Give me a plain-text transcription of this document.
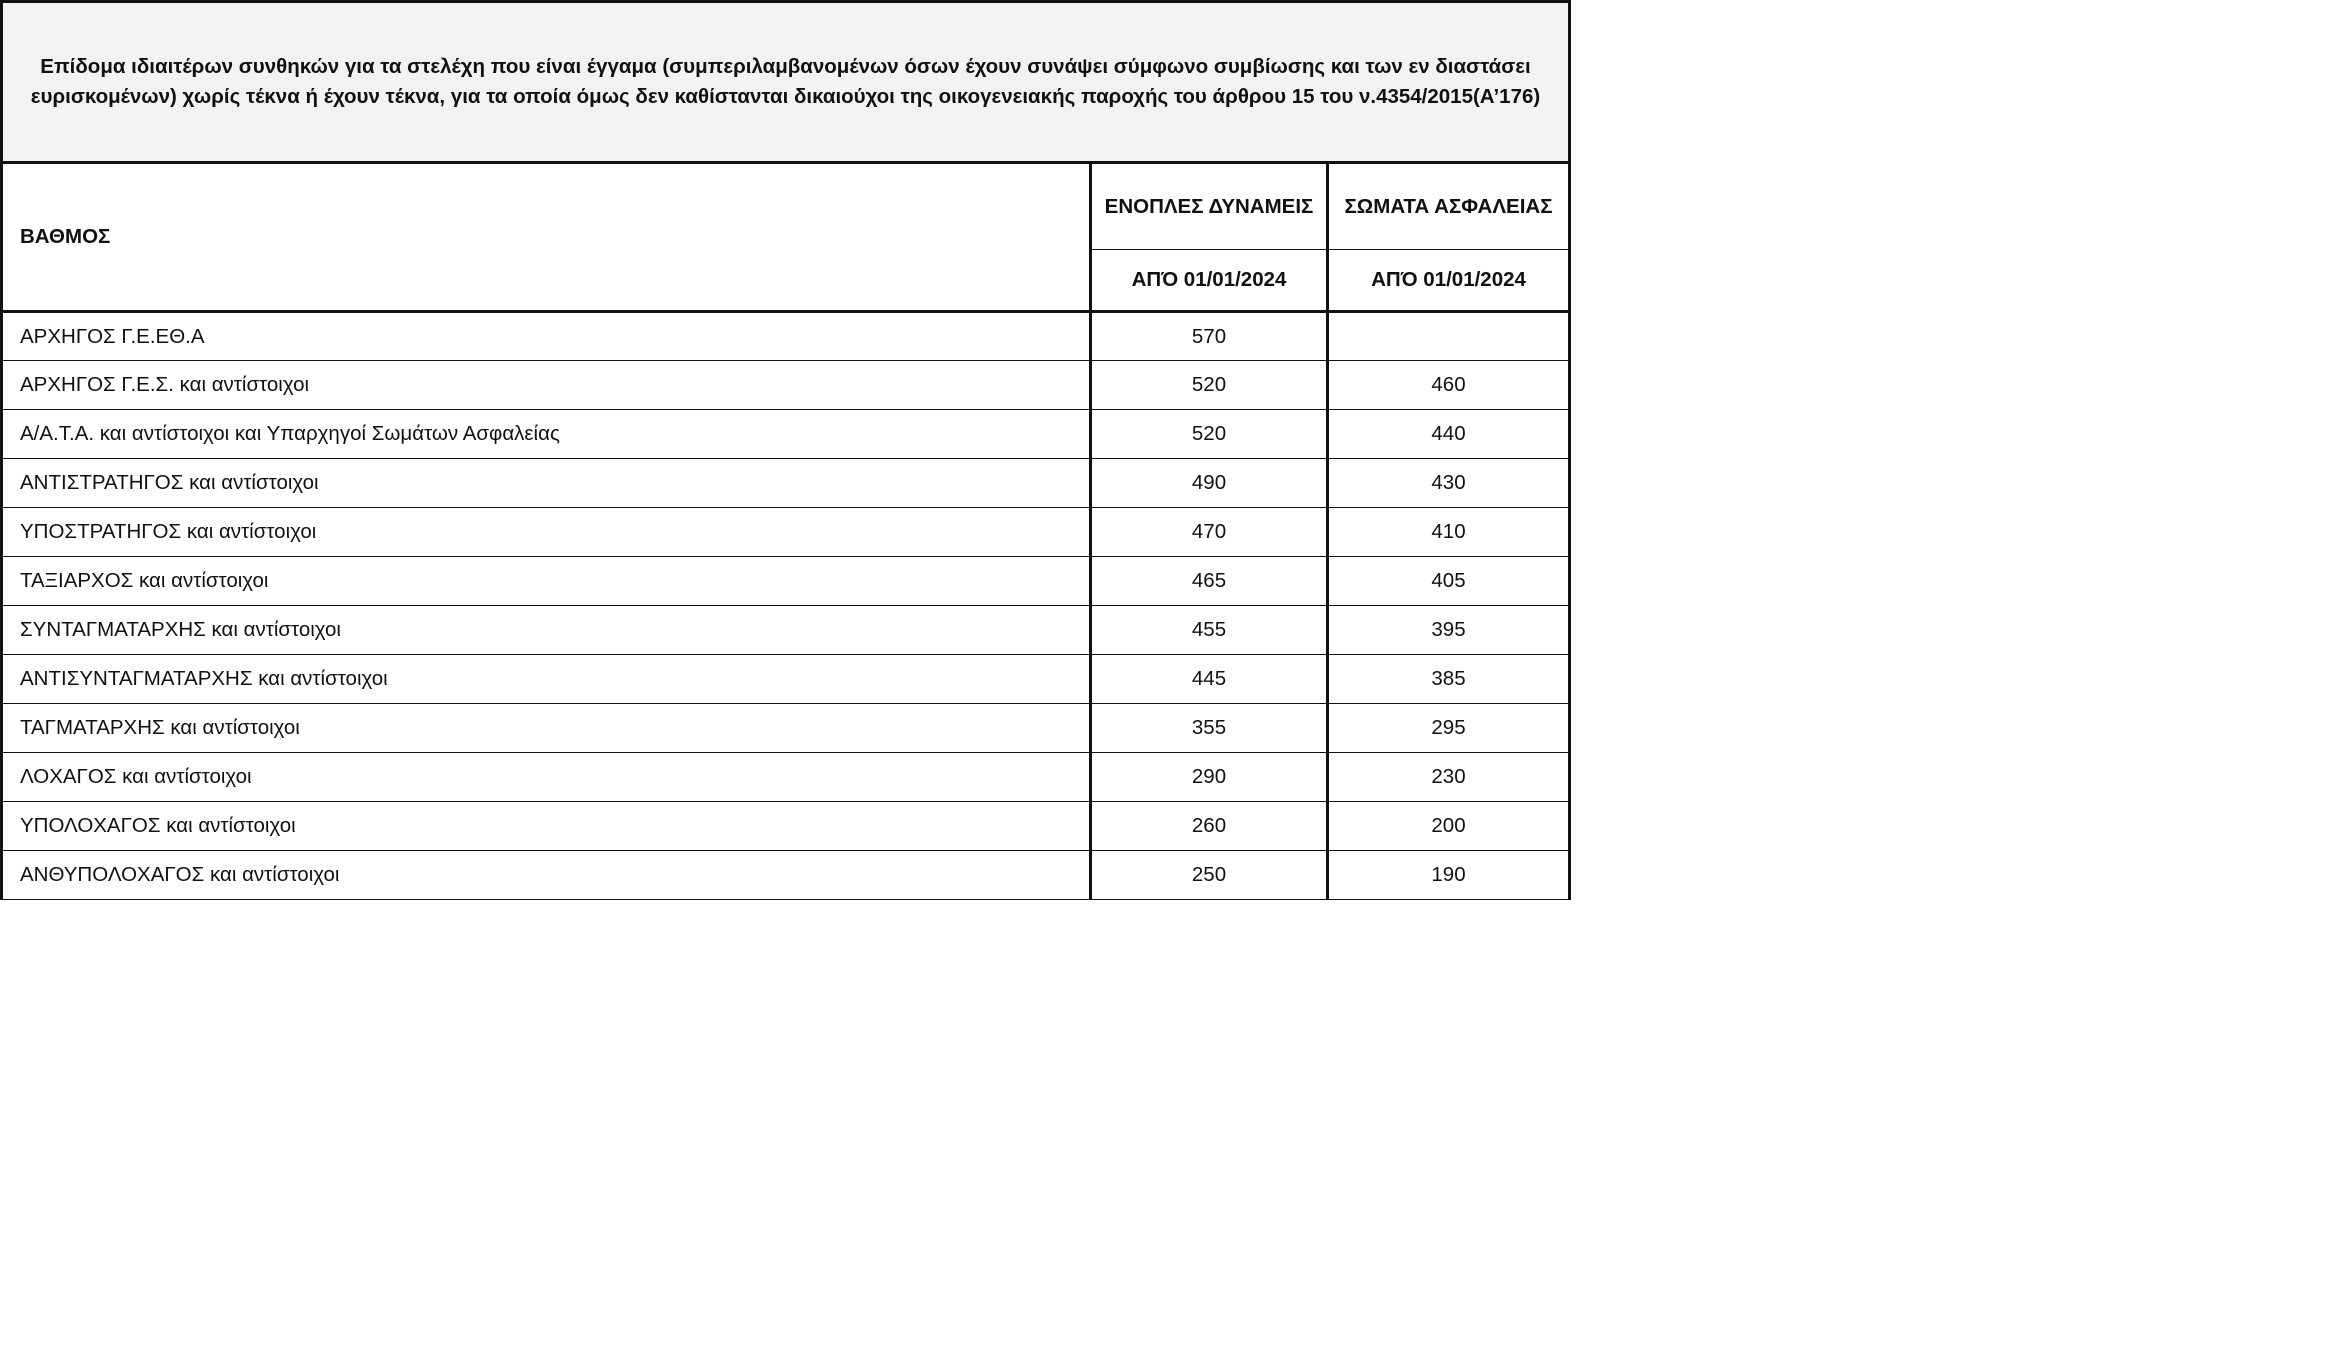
Επίδομα ιδιαιτέρων συνθηκών για τα στελέχη που είναι έγγαμα (συμπεριλαμβανομένων όσων έχουν συνάψει σύμφωνο συμβίωσης και των εν διαστάσει ευρισκομένων) χωρίς τέκνα ή έχουν τέκνα, για τα οποία όμως δεν καθίστανται δικαιούχοι της οικογενειακής παροχής του άρθρου 15 του ν.4354/2015(Α’176)		
ΒΑΘΜΟΣ	ΕΝΟΠΛΕΣ ΔΥΝΑΜΕΙΣ	ΣΩΜΑΤΑ ΑΣΦΑΛΕΙΑΣ
	ΑΠΌ 01/01/2024	ΑΠΌ 01/01/2024
ΑΡΧΗΓΟΣ Γ.Ε.ΕΘ.Α	570	
ΑΡΧΗΓΟΣ Γ.Ε.Σ. και αντίστοιχοι	520	460
Α/Α.Τ.Α. και αντίστοιχοι και Υπαρχηγοί Σωμάτων Ασφαλείας	520	440
ΑΝΤΙΣΤΡΑΤΗΓΟΣ και αντίστοιχοι	490	430
ΥΠΟΣΤΡΑΤΗΓΟΣ και αντίστοιχοι	470	410
ΤΑΞΙΑΡΧΟΣ και αντίστοιχοι	465	405
ΣΥΝΤΑΓΜΑΤΑΡΧΗΣ και αντίστοιχοι	455	395
ΑΝΤΙΣΥΝΤΑΓΜΑΤΑΡΧΗΣ και αντίστοιχοι	445	385
ΤΑΓΜΑΤΑΡΧΗΣ και αντίστοιχοι	355	295
ΛΟΧΑΓΟΣ και αντίστοιχοι	290	230
ΥΠΟΛΟΧΑΓΟΣ και αντίστοιχοι	260	200
ΑΝΘΥΠΟΛΟΧΑΓΟΣ και αντίστοιχοι	250	190
